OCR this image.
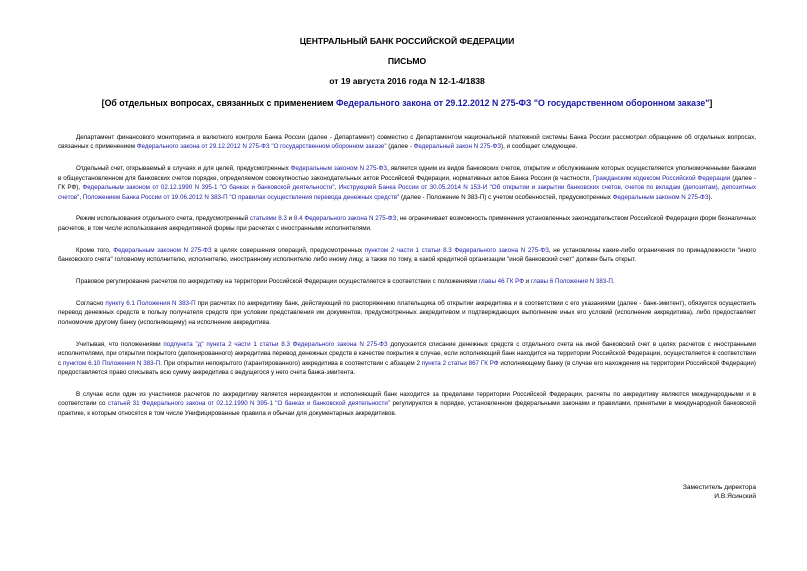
ЦЕНТРАЛЬНЫЙ БАНК РОССИЙСКОЙ ФЕДЕРАЦИИ
ПИСЬМО
от 19 августа 2016 года N 12-1-4/1838
[Об отдельных вопросах, связанных с применением Федерального закона от 29.12.2012 N 275-ФЗ "О государственном оборонном заказе"]

Департамент финансового мониторинга и валютного контроля Банка России (далее - Департамент) совместно с Департаментом национальной платежной системы Банка России рассмотрел обращение об отдельных вопросах, связанных с применением Федерального закона от 29.12.2012 N 275-ФЗ "О государственном оборонном заказе" (далее - Федеральный закон N 275-ФЗ), и сообщает следующее.

Отдельный счет, открываемый в случаях и для целей, предусмотренных Федеральным законом N 275-ФЗ, является одним из видов банковских счетов, открытие и обслуживание которых осуществляется уполномоченными банками в общеустановленном для банковских счетов порядке, определяемом совокупностью законодательных актов Российской Федерации, нормативных актов Банка России (в частности, Гражданским кодексом Российской Федерации (далее - ГК РФ), Федеральным законом от 02.12.1990 N 395-1 "О банках и банковской деятельности", Инструкцией Банка России от 30.05.2014 N 153-И "Об открытии и закрытии банковских счетов, счетов по вкладам (депозитам), депозитных счетов", Положением Банка России от 19.06.2012 N 383-П "О правилах осуществления перевода денежных средств" (далее - Положение N 383-П) с учетом особенностей, предусмотренных Федеральным законом N 275-ФЗ).

Режим использования отдельного счета, предусмотренный статьями 8.3 и 8.4 Федерального закона N 275-ФЗ, не ограничивает возможность применения установленных законодательством Российской Федерации форм безналичных расчетов, в том числе использования аккредитивной формы при расчетах с иностранными исполнителями.

Кроме того, Федеральным законом N 275-ФЗ в целях совершения операций, предусмотренных пунктом 2 части 1 статьи 8.3 Федерального закона N 275-ФЗ, не установлены какие-либо ограничения по принадлежности "иного банковского счета" головному исполнителю, исполнителю, иностранному исполнителю либо иному лицу, а также по тому, в какой кредитной организации "иной банковский счет" должен быть открыт.

Правовое регулирование расчетов по аккредитиву на территории Российской Федерации осуществляется в соответствии с положениями главы 46 ГК РФ и главы 6 Положения N 383-П.

Согласно пункту 6.1 Положения N 383-П при расчетах по аккредитиву банк, действующий по распоряжению плательщика об открытии аккредитива и в соответствии с его указаниями (далее - банк-эмитент), обязуется осуществить перевод денежных средств в пользу получателя средств при условии представления им документов, предусмотренных аккредитивом и подтверждающих выполнение иных его условий (исполнение аккредитива), либо предоставляет полномочие другому банку (исполняющему) на исполнение аккредитива.

Учитывая, что положениями подпункта "д" пункта 2 части 1 статьи 8.3 Федерального закона N 275-ФЗ допускается списание денежных средств с отдельного счета на иной банковский счет в целях расчетов с иностранными исполнителями, при открытии покрытого (депонированного) аккредитива перевод денежных средств в качестве покрытия в случае, если исполняющий банк находится на территории Российской Федерации, осуществляется в соответствии с пунктом 6.10 Положения N 383-П. При открытии непокрытого (гарантированного) аккредитива в соответствии с абзацем 2 пункта 2 статьи 867 ГК РФ исполняющему банку (в случае его нахождения на территории Российской Федерации) предоставляется право списывать всю сумму аккредитива с ведущегося у него счета банка-эмитента.

В случае если один из участников расчетов по аккредитиву является нерезидентом и исполняющий банк находится за пределами территории Российской Федерации, расчеты по аккредитиву являются международными и в соответствии со статьей 31 Федерального закона от 02.12.1990 N 395-1 "О банках и банковской деятельности" регулируются в порядке, установленном федеральными законами и правилами, принятыми в международной банковской практике, к которым относятся в том числе Унифицированные правила и обычаи для документарных аккредитивов.

Заместитель директора
И.В.Ясинский
